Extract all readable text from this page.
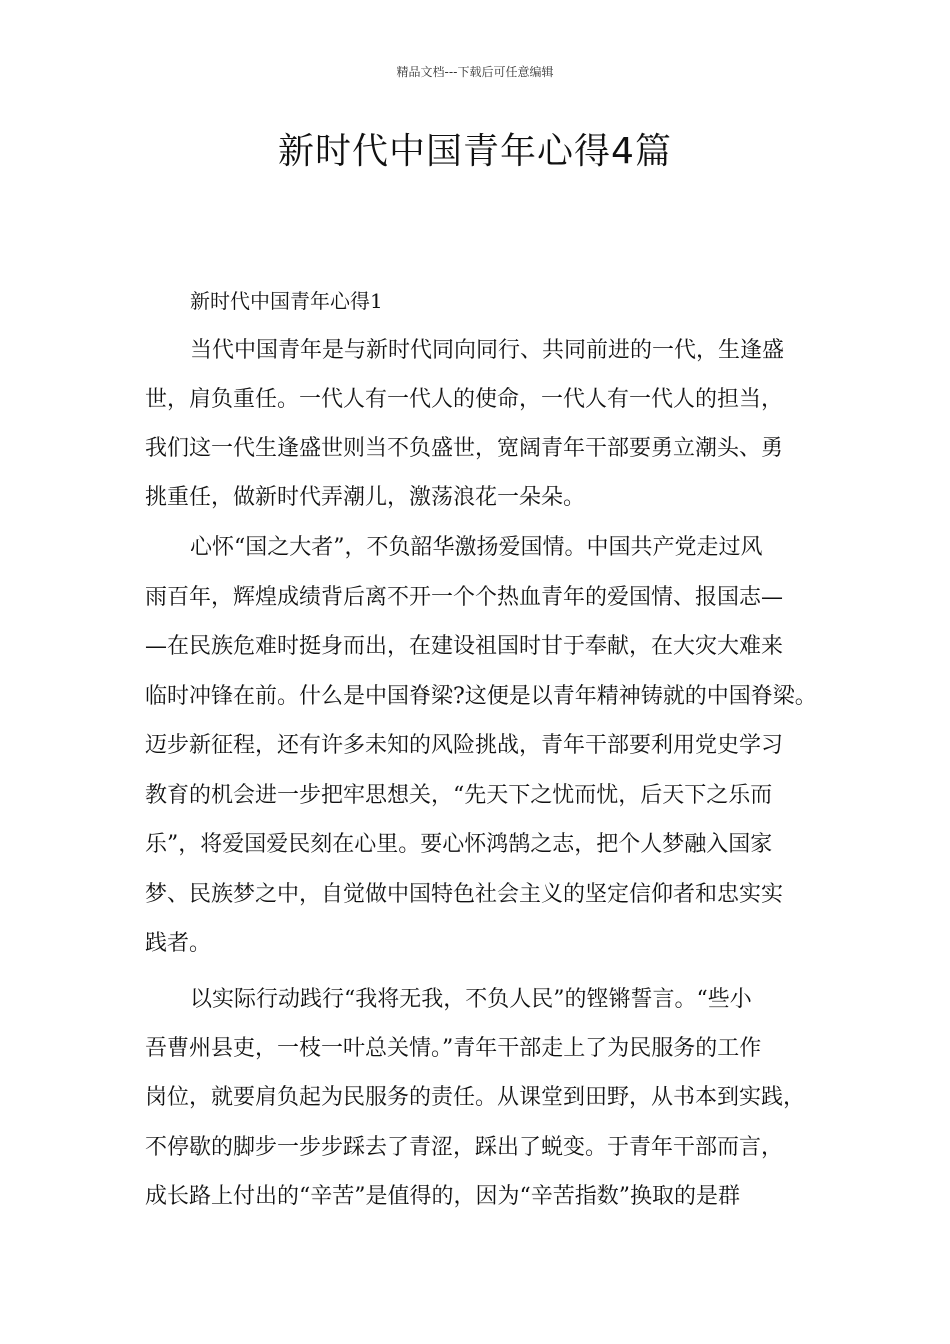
精品文档---下载后可任意编辑
新时代中国青年心得4篇
新时代中国青年心得1
当代中国青年是与新时代同向同行、共同前进的一代，生逢盛
世，肩负重任。一代人有一代人的使命，一代人有一代人的担当，
我们这一代生逢盛世则当不负盛世，宽阔青年干部要勇立潮头、勇
挑重任，做新时代弄潮儿，激荡浪花一朵朵。
心怀“国之大者”，不负韶华激扬爱国情。中国共产党走过风
雨百年，辉煌成绩背后离不开一个个热血青年的爱国情、报国志—
—在民族危难时挺身而出，在建设祖国时甘于奉献，在大灾大难来
临时冲锋在前。什么是中国脊梁?这便是以青年精神铸就的中国脊梁。
迈步新征程，还有许多未知的风险挑战，青年干部要利用党史学习
教育的机会进一步把牢思想关，“先天下之忧而忧，后天下之乐而
乐”，将爱国爱民刻在心里。要心怀鸿鹄之志，把个人梦融入国家
梦、民族梦之中，自觉做中国特色社会主义的坚定信仰者和忠实实
践者。
以实际行动践行“我将无我，不负人民”的铿锵誓言。“些小
吾曹州县吏，一枝一叶总关情。”青年干部走上了为民服务的工作
岗位，就要肩负起为民服务的责任。从课堂到田野，从书本到实践，
不停歇的脚步一步步踩去了青涩，踩出了蜕变。于青年干部而言，
成长路上付出的“辛苦”是值得的，因为“辛苦指数”换取的是群
